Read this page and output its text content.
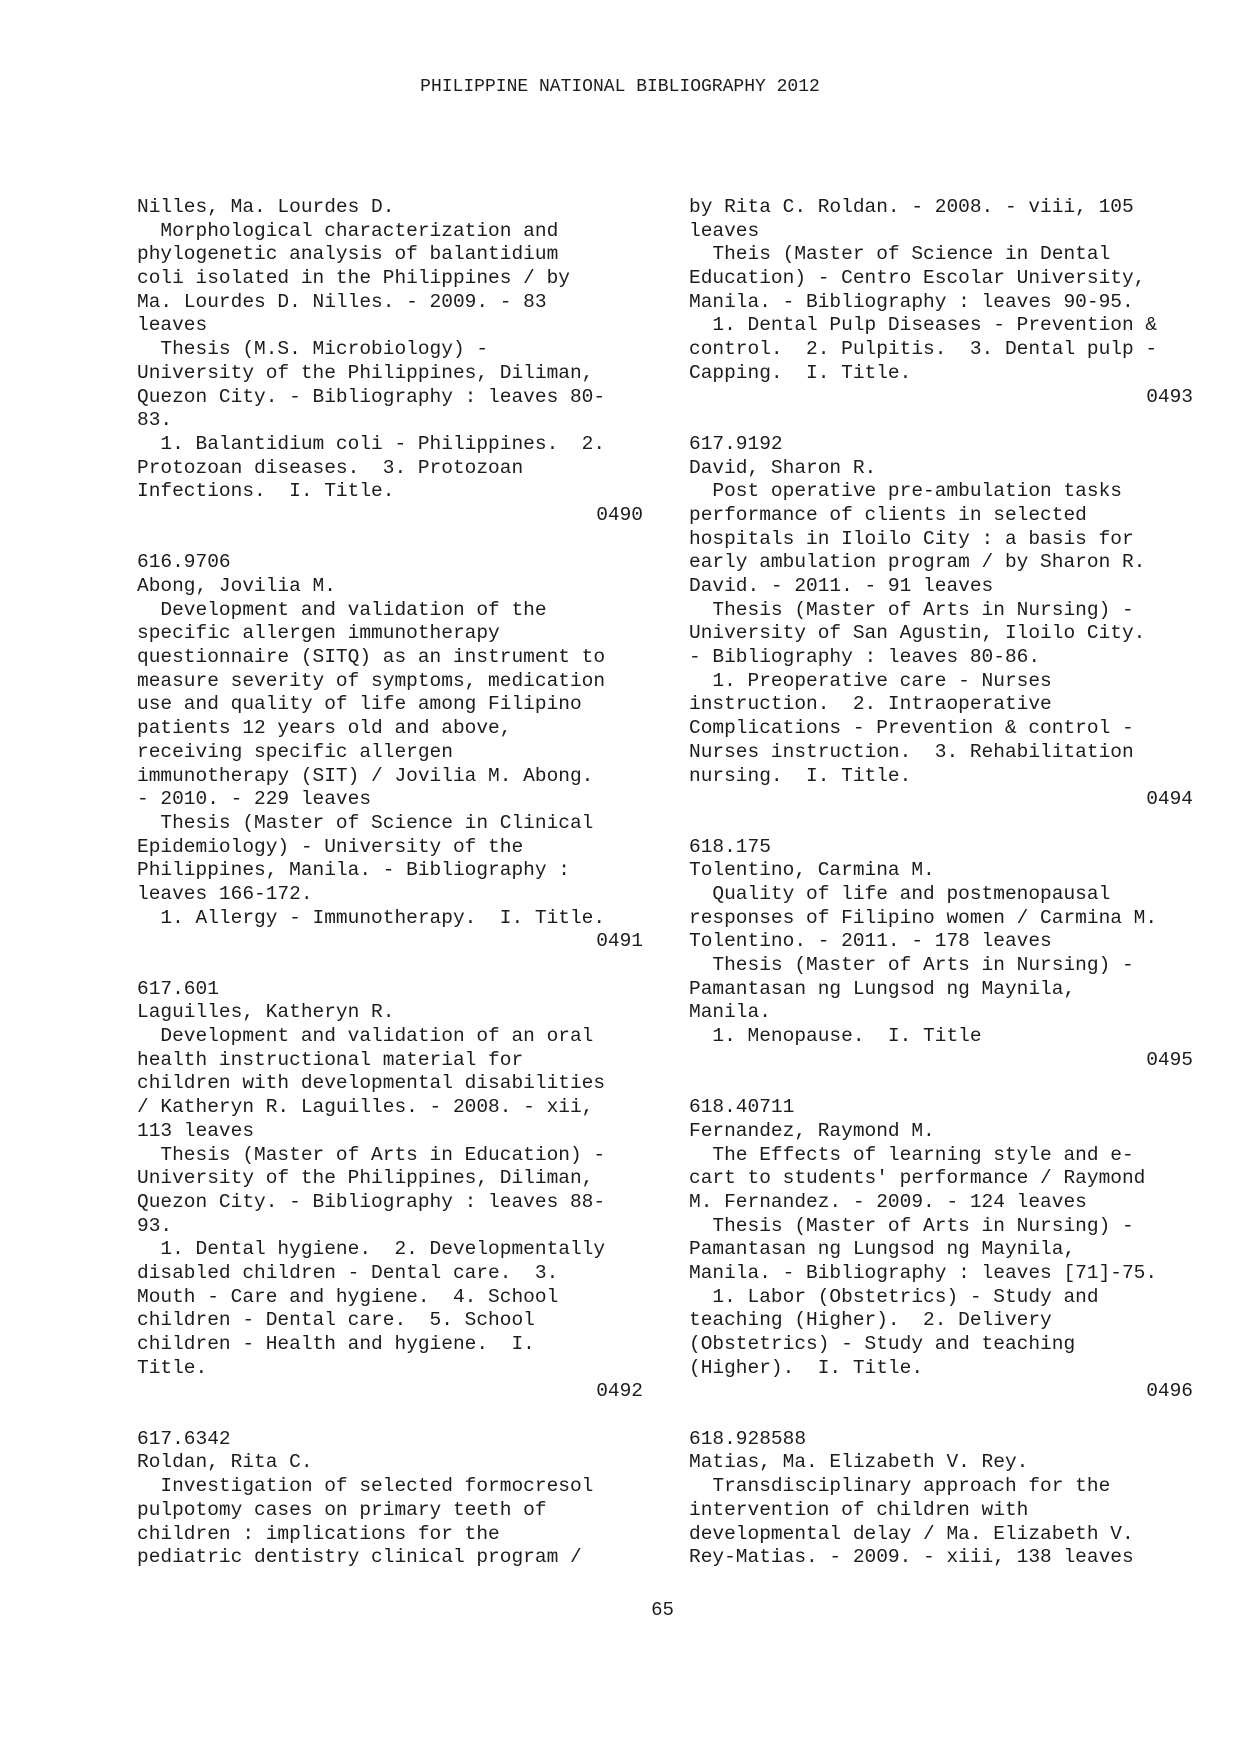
PHILIPPINE NATIONAL BIBLIOGRAPHY 2012
Nilles, Ma. Lourdes D.
Morphological characterization and
phylogenetic analysis of balantidium
coli isolated in the Philippines / by
Ma. Lourdes D. Nilles. - 2009. - 83
leaves
Thesis (M.S. Microbiology) -
University of the Philippines, Diliman,
Quezon City. - Bibliography : leaves 80-
83.
1. Balantidium coli - Philippines.  2.
Protozoan diseases.  3. Protozoan
Infections.  I. Title.
0490
616.9706
Abong, Jovilia M.
Development and validation of the
specific allergen immunotherapy
questionnaire (SITQ) as an instrument to
measure severity of symptoms, medication
use and quality of life among Filipino
patients 12 years old and above,
receiving specific allergen
immunotherapy (SIT) / Jovilia M. Abong.
- 2010. - 229 leaves
Thesis (Master of Science in Clinical
Epidemiology) - University of the
Philippines, Manila. - Bibliography :
leaves 166-172.
1. Allergy - Immunotherapy.  I. Title.
0491
617.601
Laguilles, Katheryn R.
Development and validation of an oral
health instructional material for
children with developmental disabilities
/ Katheryn R. Laguilles. - 2008. - xii,
113 leaves
Thesis (Master of Arts in Education) -
University of the Philippines, Diliman,
Quezon City. - Bibliography : leaves 88-
93.
1. Dental hygiene.  2. Developmentally
disabled children - Dental care.  3.
Mouth - Care and hygiene.  4. School
children - Dental care.  5. School
children - Health and hygiene.  I.
Title.
0492
617.6342
Roldan, Rita C.
Investigation of selected formocresol
pulpotomy cases on primary teeth of
children : implications for the
pediatric dentistry clinical program /
by Rita C. Roldan. - 2008. - viii, 105
leaves
Theis (Master of Science in Dental
Education) - Centro Escolar University,
Manila. - Bibliography : leaves 90-95.
1. Dental Pulp Diseases - Prevention &
control.  2. Pulpitis.  3. Dental pulp -
Capping.  I. Title.
0493
617.9192
David, Sharon R.
Post operative pre-ambulation tasks
performance of clients in selected
hospitals in Iloilo City : a basis for
early ambulation program / by Sharon R.
David. - 2011. - 91 leaves
Thesis (Master of Arts in Nursing) -
University of San Agustin, Iloilo City.
- Bibliography : leaves 80-86.
1. Preoperative care - Nurses
instruction.  2. Intraoperative
Complications - Prevention & control -
Nurses instruction.  3. Rehabilitation
nursing.  I. Title.
0494
618.175
Tolentino, Carmina M.
Quality of life and postmenopausal
responses of Filipino women / Carmina M.
Tolentino. - 2011. - 178 leaves
Thesis (Master of Arts in Nursing) -
Pamantasan ng Lungsod ng Maynila,
Manila.
1. Menopause.  I. Title
0495
618.40711
Fernandez, Raymond M.
The Effects of learning style and e-
cart to students' performance / Raymond
M. Fernandez. - 2009. - 124 leaves
Thesis (Master of Arts in Nursing) -
Pamantasan ng Lungsod ng Maynila,
Manila. - Bibliography : leaves [71]-75.
1. Labor (Obstetrics) - Study and
teaching (Higher).  2. Delivery
(Obstetrics) - Study and teaching
(Higher).  I. Title.
0496
618.928588
Matias, Ma. Elizabeth V. Rey.
Transdisciplinary approach for the
intervention of children with
developmental delay / Ma. Elizabeth V.
Rey-Matias. - 2009. - xiii, 138 leaves
65
